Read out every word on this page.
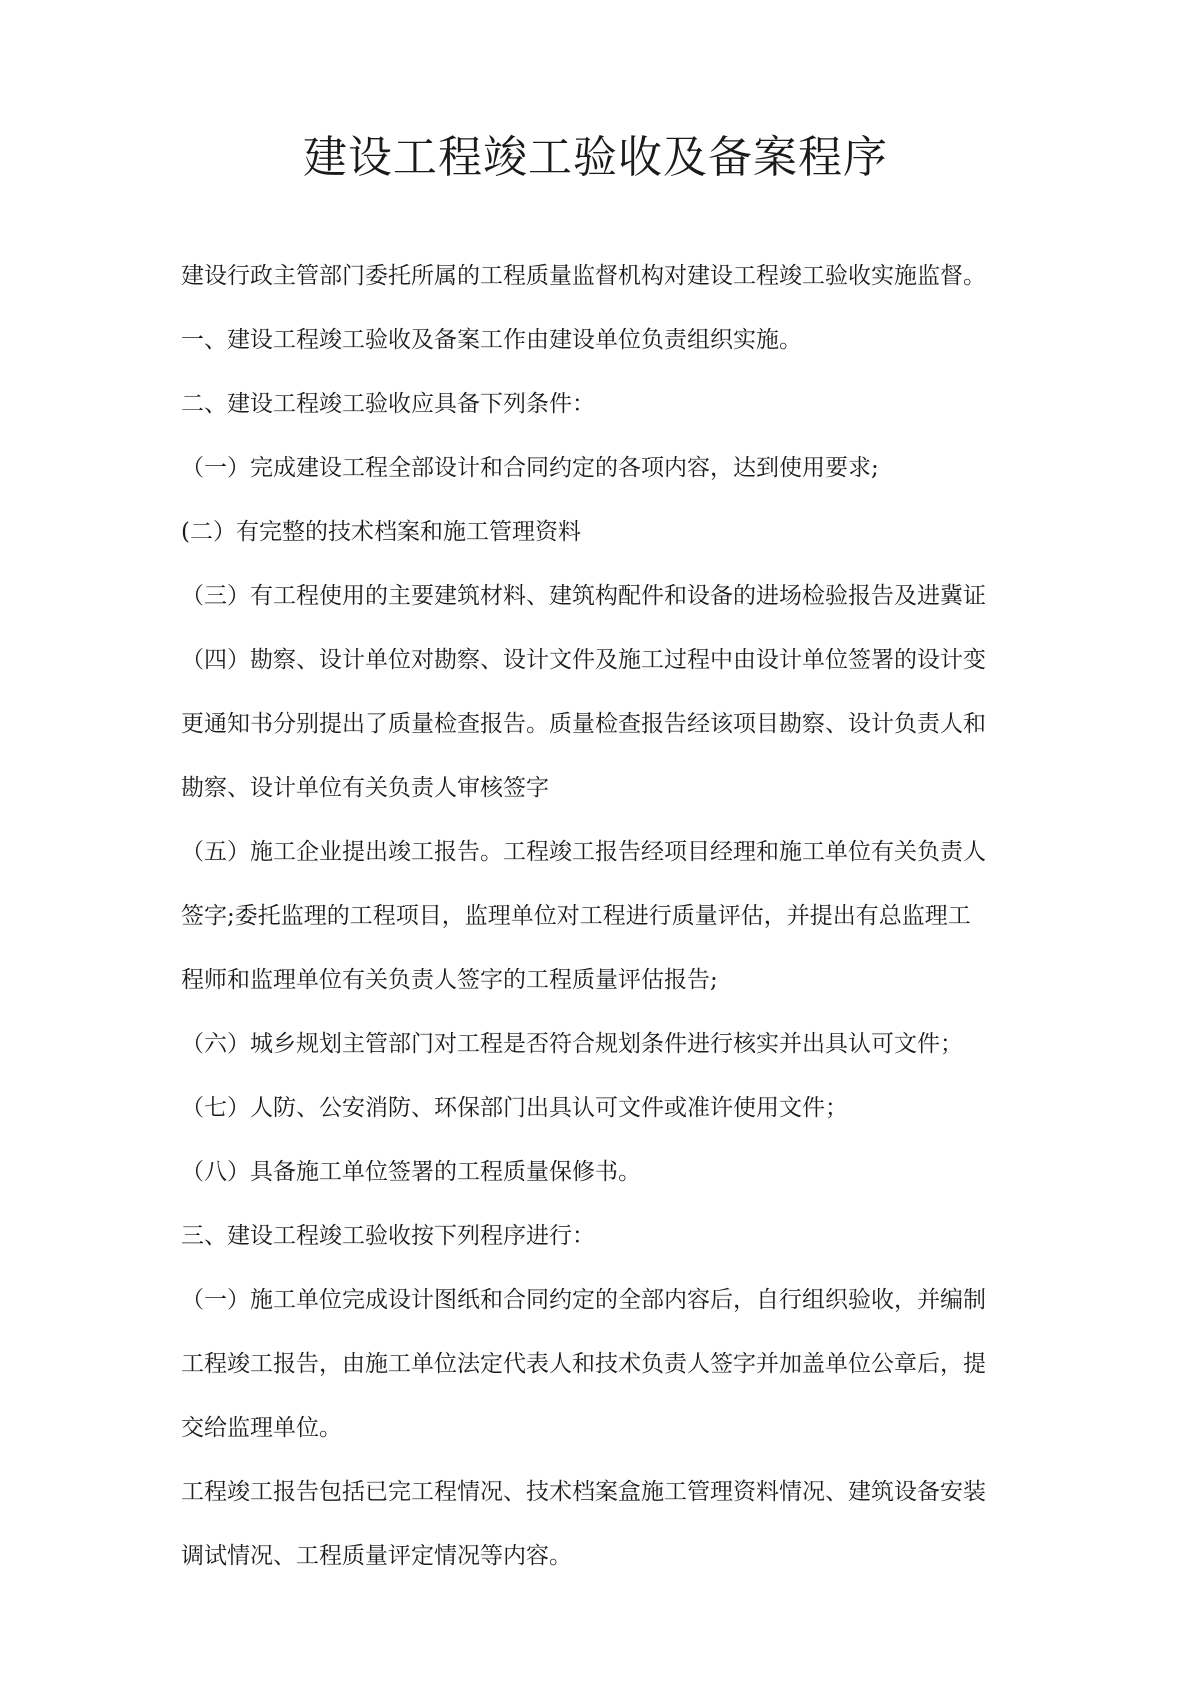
建设工程竣工验收及备案程序

建设行政主管部门委托所属的工程质量监督机构对建设工程竣工验收实施监督。

一、建设工程竣工验收及备案工作由建设单位负责组织实施。

二、建设工程竣工验收应具备下列条件：

（一）完成建设工程全部设计和合同约定的各项内容，达到使用要求;

(二）有完整的技术档案和施工管理资料

（三）有工程使用的主要建筑材料、建筑构配件和设备的进场检验报告及进冀证

（四）勘察、设计单位对勘察、设计文件及施工过程中由设计单位签署的设计变

更通知书分别提出了质量检查报告。质量检查报告经该项目勘察、设计负责人和

勘察、设计单位有关负责人审核签字

（五）施工企业提出竣工报告。工程竣工报告经项目经理和施工单位有关负责人

签字;委托监理的工程项目，监理单位对工程进行质量评估，并提出有总监理工

程师和监理单位有关负责人签字的工程质量评估报告;

（六）城乡规划主管部门对工程是否符合规划条件进行核实并出具认可文件；

（七）人防、公安消防、环保部门出具认可文件或准许使用文件；

（八）具备施工单位签署的工程质量保修书。

三、建设工程竣工验收按下列程序进行：

（一）施工单位完成设计图纸和合同约定的全部内容后，自行组织验收，并编制

工程竣工报告，由施工单位法定代表人和技术负责人签字并加盖单位公章后，提

交给监理单位。

工程竣工报告包括已完工程情况、技术档案盒施工管理资料情况、建筑设备安装

调试情况、工程质量评定情况等内容。
